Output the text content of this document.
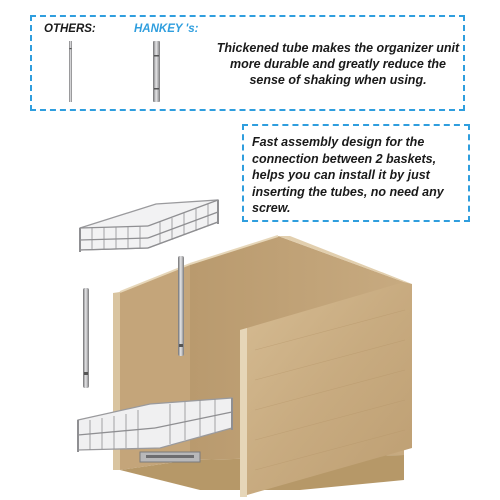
OTHERS:	HANKEY 's:

Thickened tube makes the organizer unit more durable and greatly reduce the sense of shaking when using.

Fast assembly design for the connection between 2 baskets, helps you can install it by just inserting the tubes, no need any screw.
